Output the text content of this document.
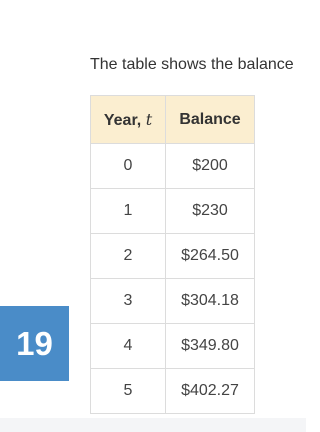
The table shows the balance
Year, t	Balance
0	$200
1	$230
2	$264.50
3	$304.18
4	$349.80
5	$402.27
19
